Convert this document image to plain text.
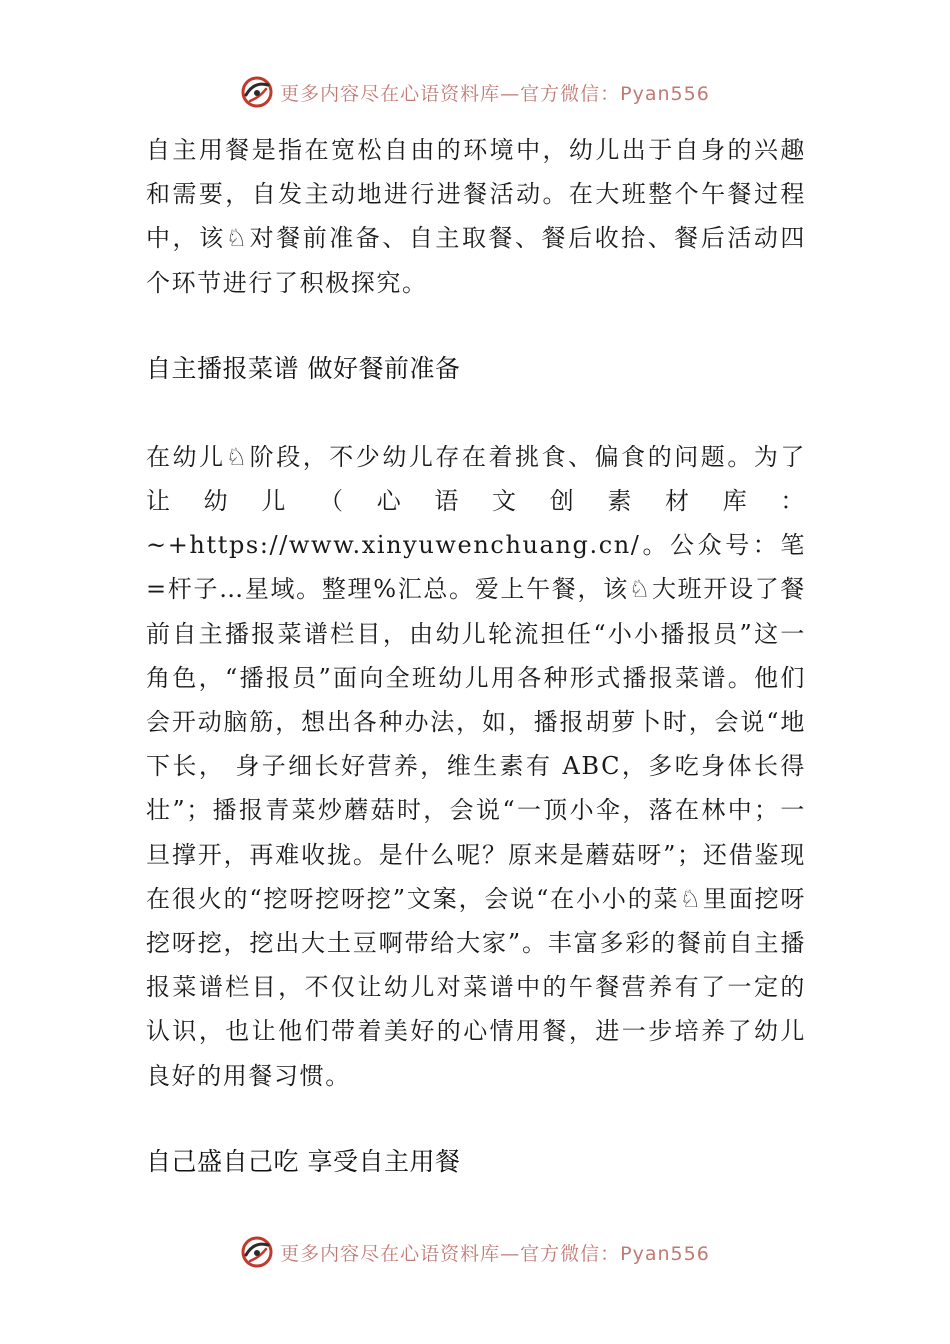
更多内容尽在心语资料库—官方微信：Pyan556

自主用餐是指在宽松自由的环境中，幼儿出于自身的兴趣和需要，自发主动地进行进餐活动。在大班整个午餐过程中，该♘对餐前准备、自主取餐、餐后收拾、餐后活动四个环节进行了积极探究。

自主播报菜谱 做好餐前准备

在幼儿♘阶段，不少幼儿存在着挑食、偏食的问题。为了让幼儿（心语文创素材库：~+https://www.xinyuwenchuang.cn/。公众号：笔=杆子…星域。整理%汇总。爱上午餐，该♘大班开设了餐前自主播报菜谱栏目，由幼儿轮流担任“小小播报员”这一角色，“播报员”面向全班幼儿用各种形式播报菜谱。他们会开动脑筋，想出各种办法，如，播报胡萝卜时，会说“地下长， 身子细长好营养，维生素有 ABC，多吃身体长得壮”；播报青菜炒蘑菇时，会说“一顶小伞，落在林中；一旦撑开，再难收拢。是什么呢？原来是蘑菇呀”；还借鉴现在很火的“挖呀挖呀挖”文案，会说“在小小的菜♘里面挖呀挖呀挖，挖出大土豆啊带给大家”。丰富多彩的餐前自主播报菜谱栏目，不仅让幼儿对菜谱中的午餐营养有了一定的认识，也让他们带着美好的心情用餐，进一步培养了幼儿良好的用餐习惯。

自己盛自己吃 享受自主用餐
更多内容尽在心语资料库—官方微信：Pyan556
